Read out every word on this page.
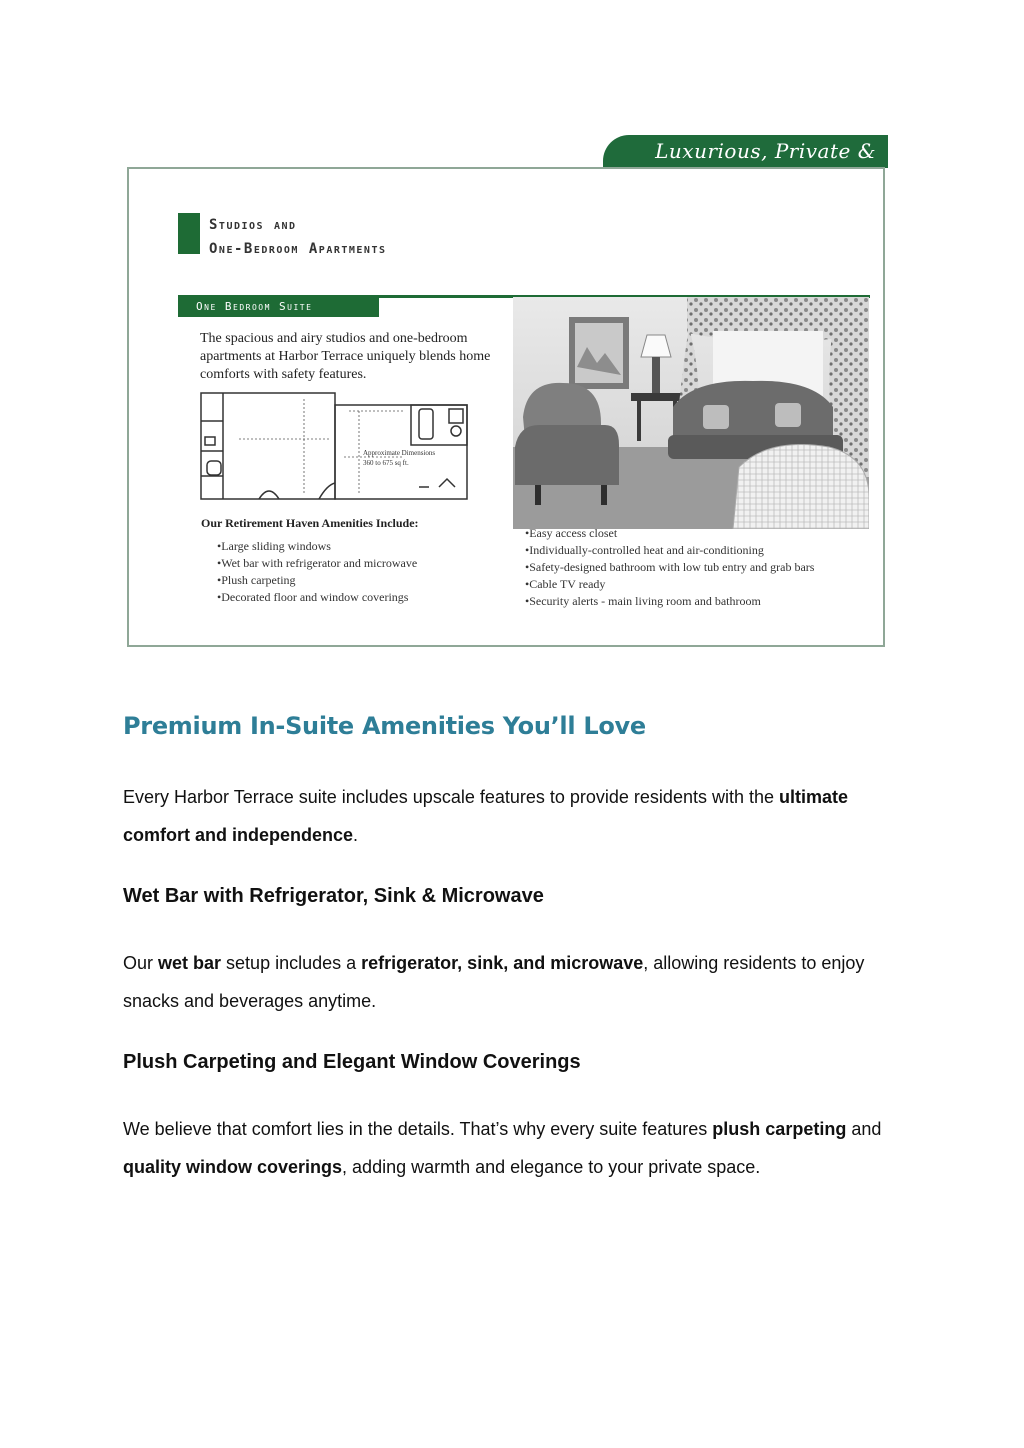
Luxurious, Private &
Studios and
One-Bedroom Apartments
One Bedroom Suite
The spacious and airy studios and one-bedroom apartments at Harbor Terrace uniquely blends home comforts with safety features.
Approximate Dimensions
360 to 675 sq ft.
Our Retirement Haven Amenities Include:
•Large sliding windows
•Wet bar with refrigerator and microwave
•Plush carpeting
•Decorated floor and window coverings
•Easy access closet
•Individually-controlled heat and air-conditioning
•Safety-designed bathroom with low tub entry and grab bars
•Cable TV ready
•Security alerts - main living room and bathroom
Premium In-Suite Amenities You’ll Love

Every Harbor Terrace suite includes upscale features to provide residents with the ultimate comfort and independence.

Wet Bar with Refrigerator, Sink & Microwave

Our wet bar setup includes a refrigerator, sink, and microwave, allowing residents to enjoy snacks and beverages anytime.

Plush Carpeting and Elegant Window Coverings

We believe that comfort lies in the details. That’s why every suite features plush carpeting and quality window coverings, adding warmth and elegance to your private space.
